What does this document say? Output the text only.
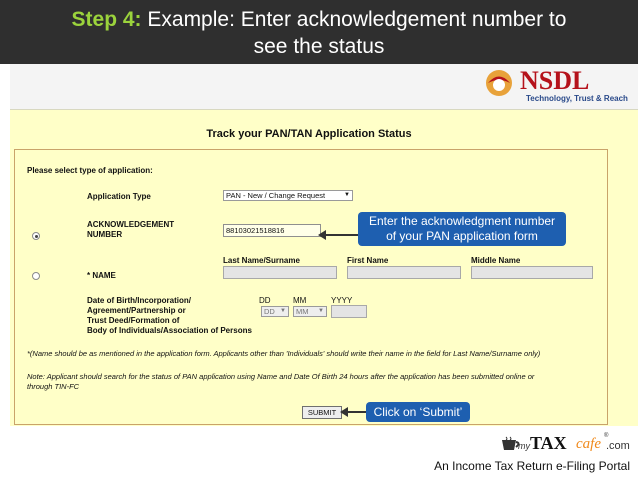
Step 4: Example: Enter acknowledgement number to
see the status
NSDL
Technology, Trust & Reach
Track your PAN/TAN Application Status
Please select type of application:
Application Type	PAN - New / Change Request	▼
ACKNOWLEDGEMENT
NUMBER	88103021518816
Last Name/Surname	First Name	Middle Name
* NAME
Date of Birth/Incorporation/
Agreement/Partnership or
Trust Deed/Formation of
Body of Individuals/Association of Persons
DD	MM	YYYY
DD ▼	MM ▼
*(Name should be as mentioned in the application form. Applicants other than 'Individuals' should write their name in the field for Last Name/Surname only)
Note: Applicant should search for the status of PAN application using Name and Date Of Birth 24 hours after the application has been submitted online or
through TIN-FC
SUBMIT
Enter the acknowledgment number
of your PAN application form
Click on ‘Submit’
my TAX cafe ®
.com
An Income Tax Return e-Filing Portal
